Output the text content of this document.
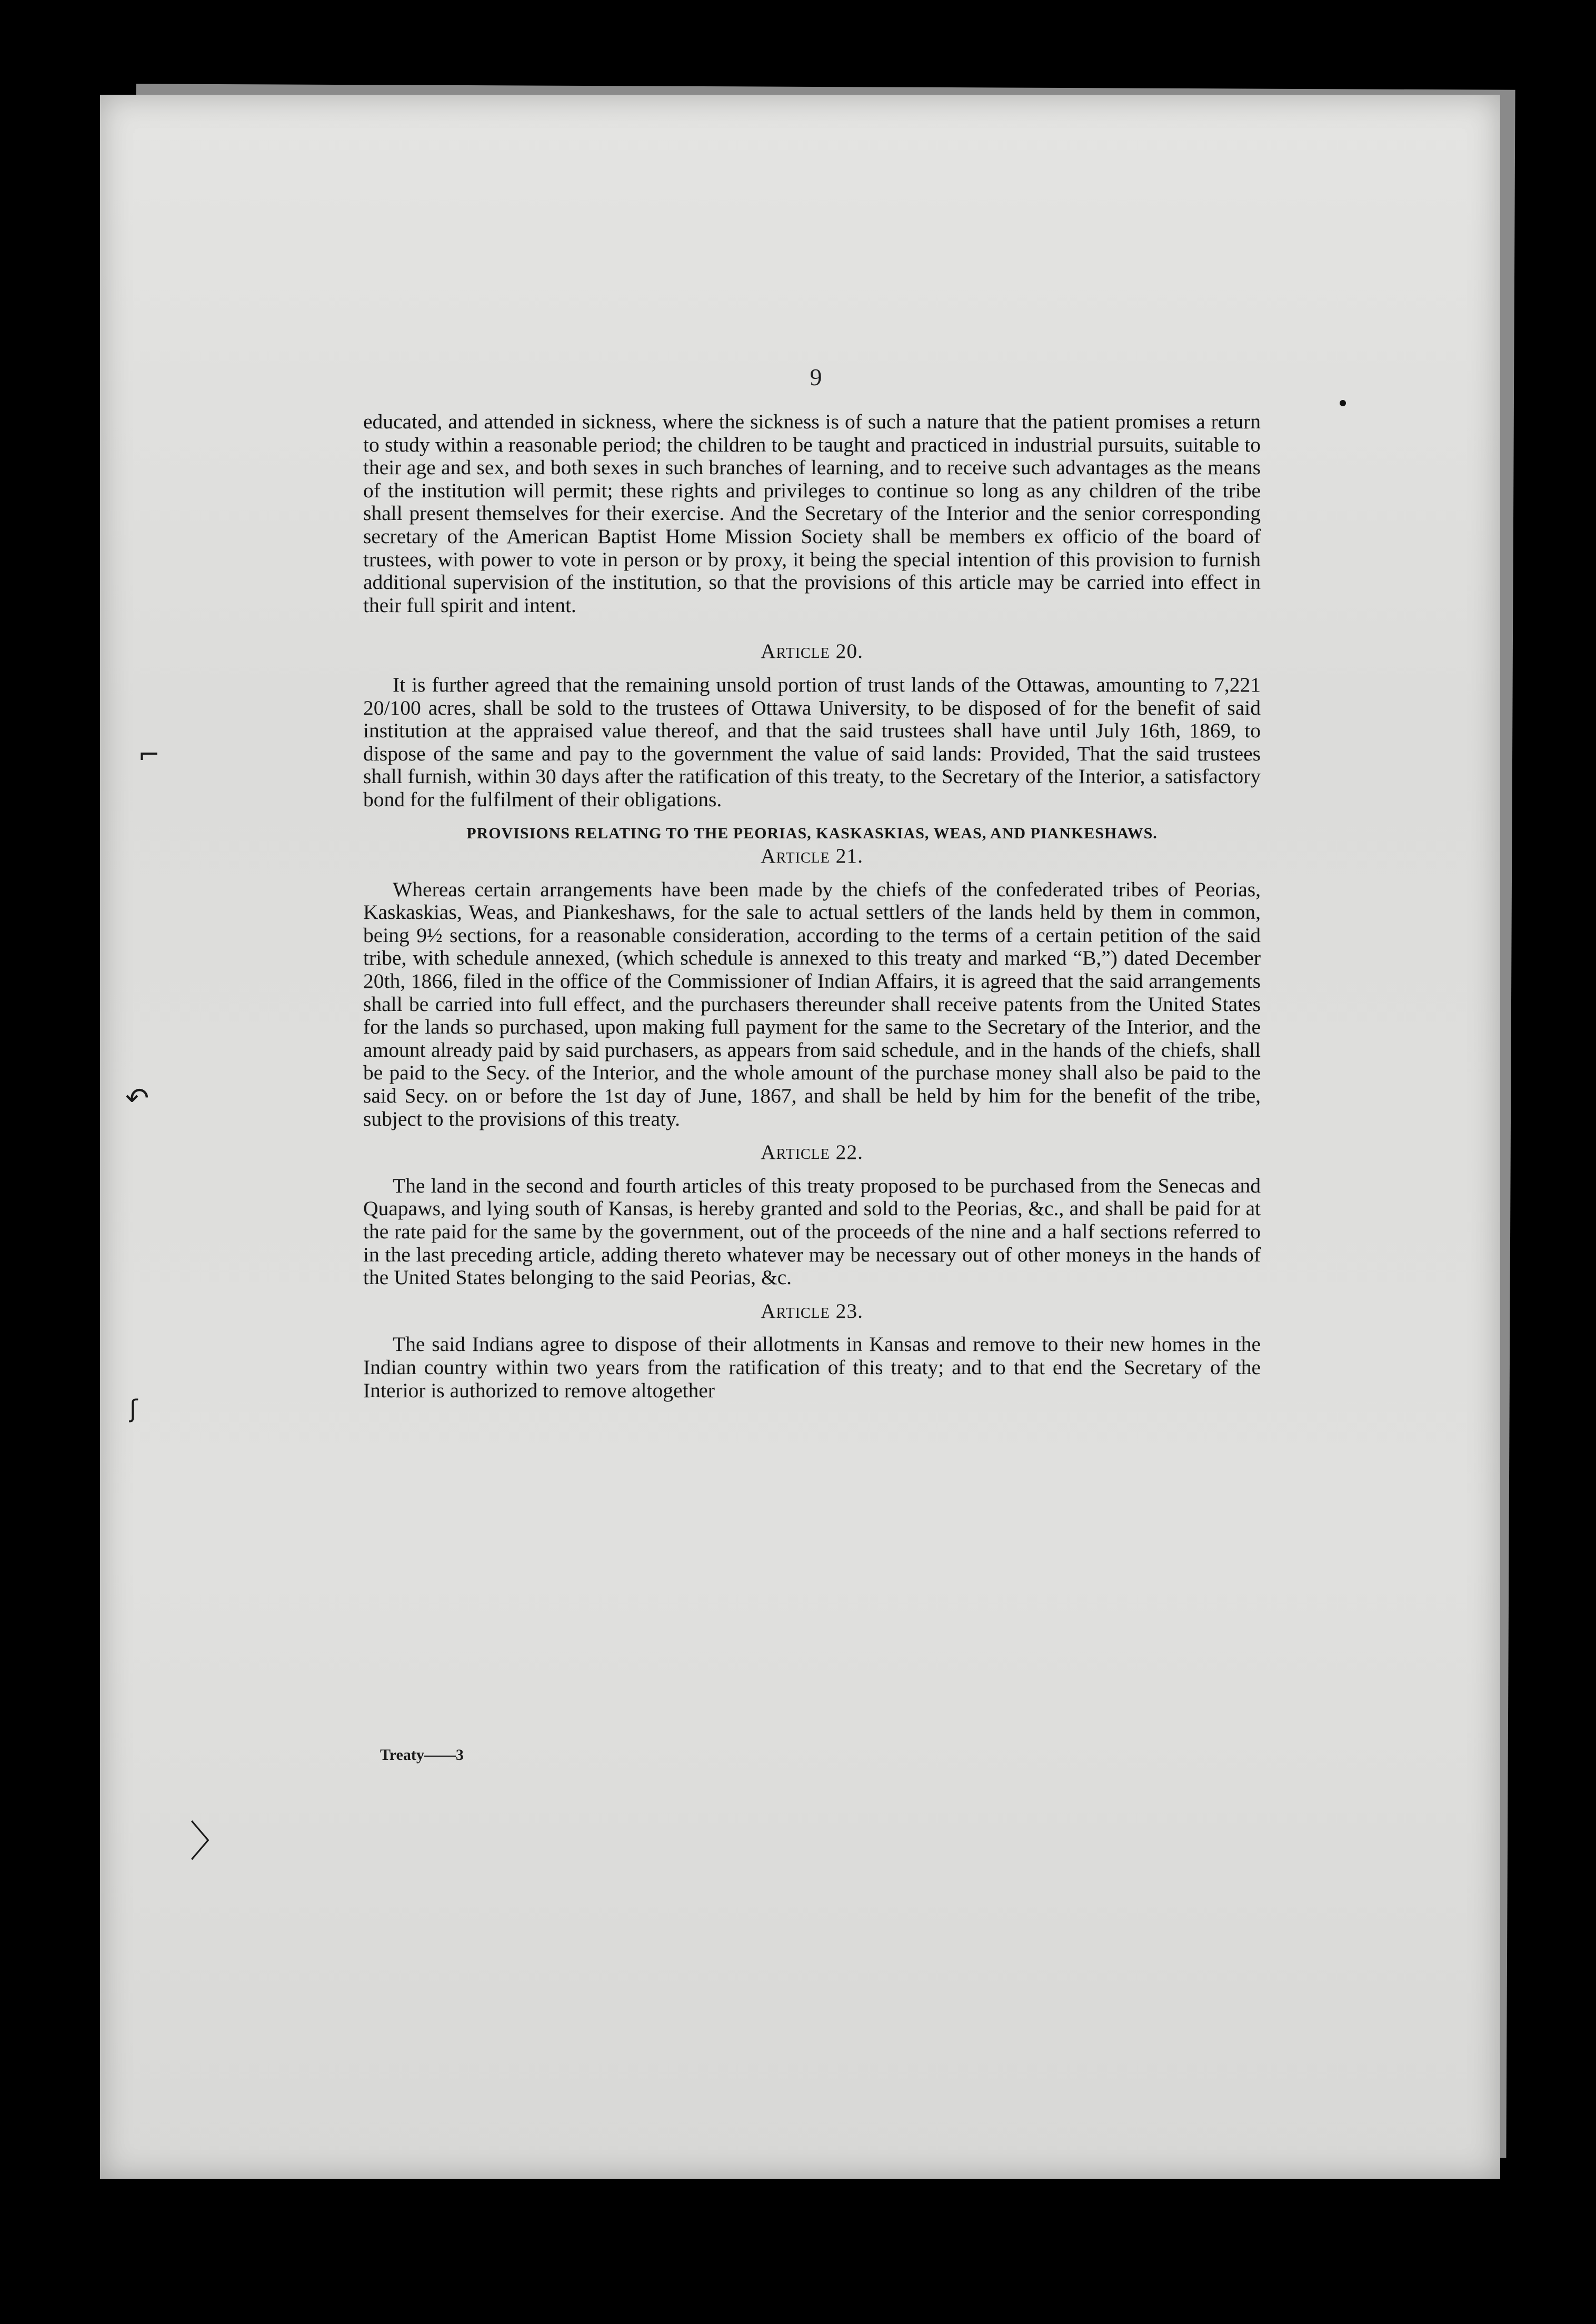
9

educated, and attended in sickness, where the sickness is of such a nature that the patient promises a return to study within a reasonable period; the children to be taught and practiced in industrial pursuits, suitable to their age and sex, and both sexes in such branches of learning, and to receive such advantages as the means of the institution will permit; these rights and privileges to continue so long as any children of the tribe shall present themselves for their exercise. And the Secretary of the Interior and the senior corresponding secretary of the American Baptist Home Mission Society shall be members ex officio of the board of trustees, with power to vote in person or by proxy, it being the special intention of this provision to furnish additional supervision of the institution, so that the provisions of this article may be carried into effect in their full spirit and intent.

Article 20.

It is further agreed that the remaining unsold portion of trust lands of the Ottawas, amounting to 7,221 20/100 acres, shall be sold to the trustees of Ottawa University, to be disposed of for the benefit of said institution at the appraised value thereof, and that the said trustees shall have until July 16th, 1869, to dispose of the same and pay to the government the value of said lands: Provided, That the said trustees shall furnish, within 30 days after the ratification of this treaty, to the Secretary of the Interior, a satisfactory bond for the fulfilment of their obligations.

PROVISIONS RELATING TO THE PEORIAS, KASKASKIAS, WEAS, AND PIANKESHAWS.

Article 21.

Whereas certain arrangements have been made by the chiefs of the confederated tribes of Peorias, Kaskaskias, Weas, and Piankeshaws, for the sale to actual settlers of the lands held by them in common, being 9½ sections, for a reasonable consideration, according to the terms of a certain petition of the said tribe, with schedule annexed, (which schedule is annexed to this treaty and marked “B,”) dated December 20th, 1866, filed in the office of the Commissioner of Indian Affairs, it is agreed that the said arrangements shall be carried into full effect, and the purchasers thereunder shall receive patents from the United States for the lands so purchased, upon making full payment for the same to the Secretary of the Interior, and the amount already paid by said purchasers, as appears from said schedule, and in the hands of the chiefs, shall be paid to the Secy. of the Interior, and the whole amount of the purchase money shall also be paid to the said Secy. on or before the 1st day of June, 1867, and shall be held by him for the benefit of the tribe, subject to the provisions of this treaty.

Article 22.

The land in the second and fourth articles of this treaty proposed to be purchased from the Senecas and Quapaws, and lying south of Kansas, is hereby granted and sold to the Peorias, &c., and shall be paid for at the rate paid for the same by the government, out of the proceeds of the nine and a half sections referred to in the last preceding article, adding thereto whatever may be necessary out of other moneys in the hands of the United States belonging to the said Peorias, &c.

Article 23.

The said Indians agree to dispose of their allotments in Kansas and remove to their new homes in the Indian country within two years from the ratification of this treaty; and to that end the Secretary of the Interior is authorized to remove altogether

Treaty——3
⌐
↶
ʃ
〉
